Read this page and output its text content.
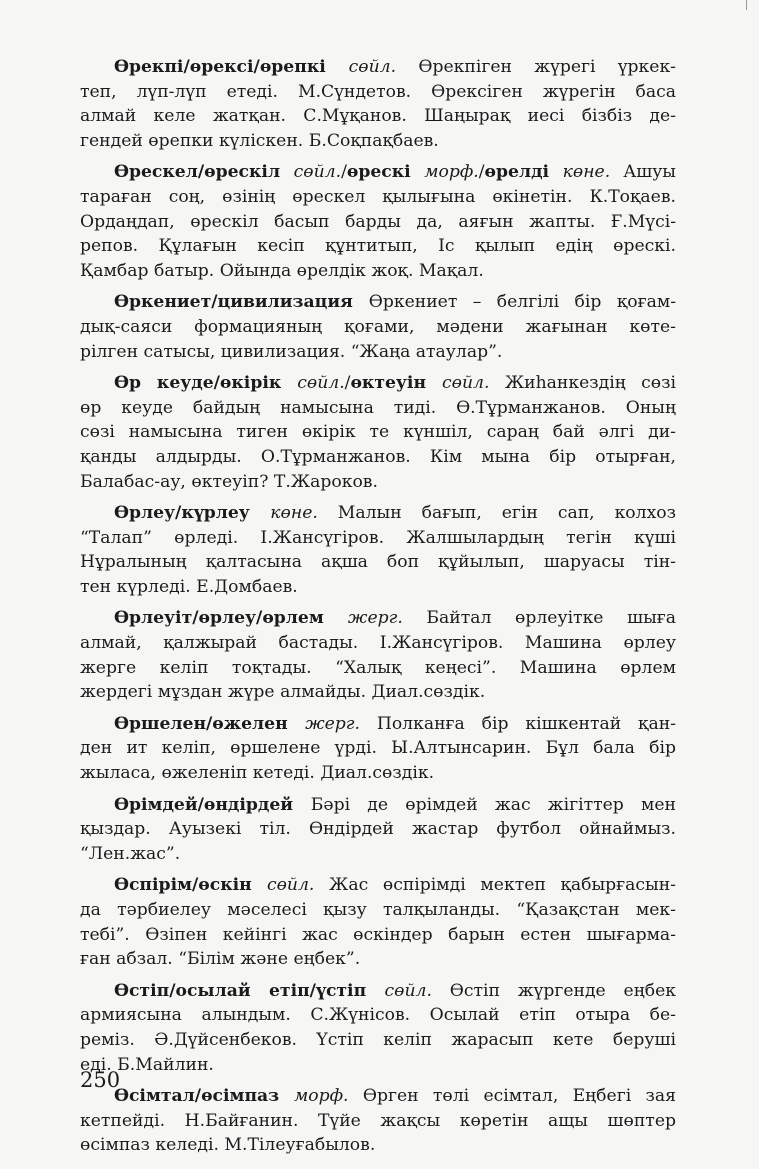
Өрекпі/өрексі/өрепкі сөйл. Өрекпіген жүрегі үркек-
теп, лүп-лүп етеді. М.Сүндетов. Өрексіген жүрегін баса
алмай келе жатқан. С.Мұқанов. Шаңырақ иесі бізбіз де-
гендей өрепки күліскен. Б.Соқпақбаев.
Өрескел/өрескіл сөйл./өрескі морф./өрелді көне. Ашуы
тараған соң, өзінің өрескел қылығына өкінетін. К.Тоқаев.
Ордаңдап, өрескіл басып барды да, аяғын жапты. Ғ.Мүсі-
репов. Құлағын кесіп құнтитып, Іс қылып едің өрескі.
Қамбар батыр. Ойында өрелдік жоқ. Мақал.
Өркениет/цивилизация Өркениет – белгілі бір қоғам-
дық-саяси формацияның қоғами, мәдени жағынан көте-
рілген сатысы, цивилизация. “Жаңа атаулар”.
Өр кеуде/өкірік сөйл./өктеуін сөйл. Жиһанкездің сөзі
өр кеуде байдың намысына тиді. Ө.Тұрманжанов. Оның
сөзі намысына тиген өкірік те күншіл, сараң бай әлгі ди-
қанды алдырды. О.Тұрманжанов. Кім мына бір отырған,
Балабас-ау, өктеуіп? Т.Жароков.
Өрлеу/күрлеу көне. Малын бағып, егін сап, колхоз
“Талап” өрледі. І.Жансүгіров. Жалшылардың тегін күші
Нұралының қалтасына ақша боп құйылып, шаруасы тін-
тен күрледі. Е.Домбаев.
Өрлеуіт/өрлеу/өрлем жерг. Байтал өрлеуітке шыға
алмай, қалжырай бастады. І.Жансүгіров. Машина өрлеу
жерге келіп тоқтады. “Халық кеңесі”. Машина өрлем
жердегі мұздан жүре алмайды. Диал.сөздік.
Өршелен/өжелен жерг. Полканға бір кішкентай қан-
ден ит келіп, өршелене үрді. Ы.Алтынсарин. Бұл бала бір
жыласа, өжеленіп кетеді. Диал.сөздік.
Өрімдей/өндірдей Бәрі де өрімдей жас жігіттер мен
қыздар. Ауызекі тіл. Өндірдей жастар футбол ойнаймыз.
“Лен.жас”.
Өспірім/өскін сөйл. Жас өспірімді мектеп қабырғасын-
да тәрбиелеу мәселесі қызу талқыланды. “Қазақстан мек-
тебі”. Өзіпен кейінгі жас өскіндер барын естен шығарма-
ған абзал. “Білім және еңбек”.
Өстіп/осылай етіп/үстіп сөйл. Өстіп жүргенде еңбек
армиясына алындым. С.Жүнісов. Осылай етіп отыра бе-
реміз. Ә.Дүйсенбеков. Үстіп келіп жарасып кете беруші
еді. Б.Майлин.
Өсімтал/өсімпаз морф. Өрген төлі есімтал, Еңбегі зая
кетпейді. Н.Байғанин. Түйе жақсы көретін ащы шөптер
өсімпаз келеді. М.Тілеуғабылов.
250
